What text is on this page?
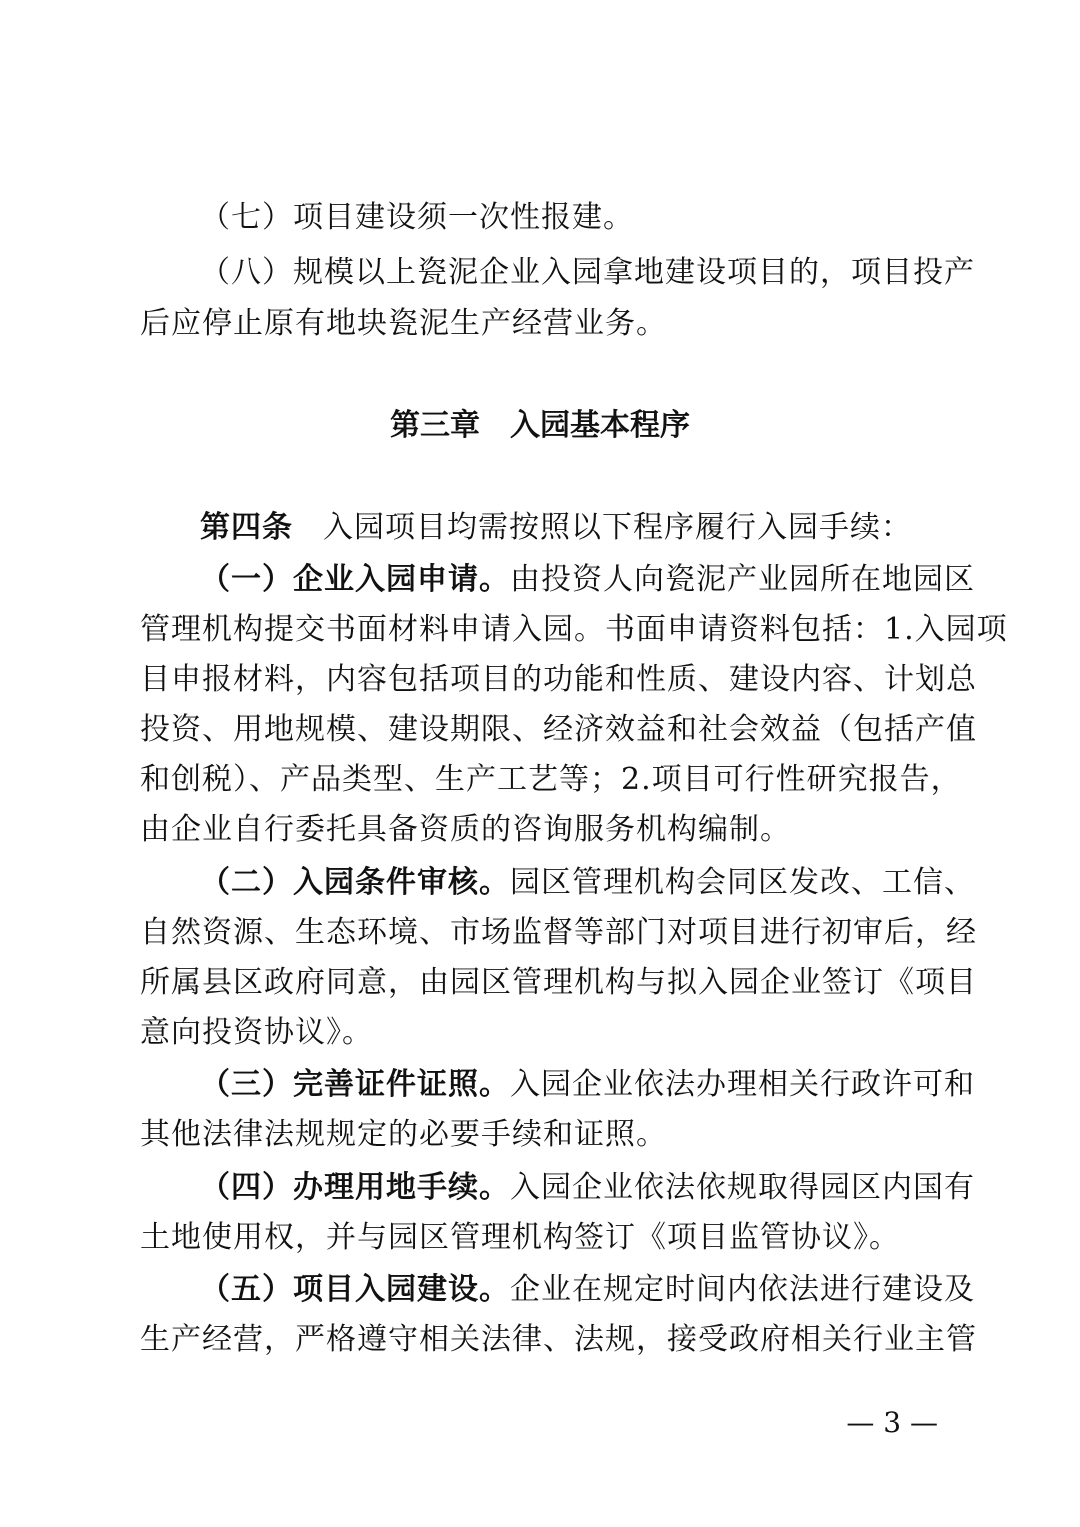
（七）项目建设须一次性报建。
（八）规模以上瓷泥企业入园拿地建设项目的，项目投产
后应停止原有地块瓷泥生产经营业务。
第三章　入园基本程序
第四条 入园项目均需按照以下程序履行入园手续：
（一）企业入园申请。由投资人向瓷泥产业园所在地园区
管理机构提交书面材料申请入园。书面申请资料包括：1.入园项
目申报材料，内容包括项目的功能和性质、建设内容、计划总
投资、用地规模、建设期限、经济效益和社会效益（包括产值
和创税）、产品类型、生产工艺等；2.项目可行性研究报告，
由企业自行委托具备资质的咨询服务机构编制。
（二）入园条件审核。园区管理机构会同区发改、工信、
自然资源、生态环境、市场监督等部门对项目进行初审后，经
所属县区政府同意，由园区管理机构与拟入园企业签订《项目
意向投资协议》。
（三）完善证件证照。入园企业依法办理相关行政许可和
其他法律法规规定的必要手续和证照。
（四）办理用地手续。入园企业依法依规取得园区内国有
土地使用权，并与园区管理机构签订《项目监管协议》。
（五）项目入园建设。企业在规定时间内依法进行建设及
生产经营，严格遵守相关法律、法规，接受政府相关行业主管
— 3 —
